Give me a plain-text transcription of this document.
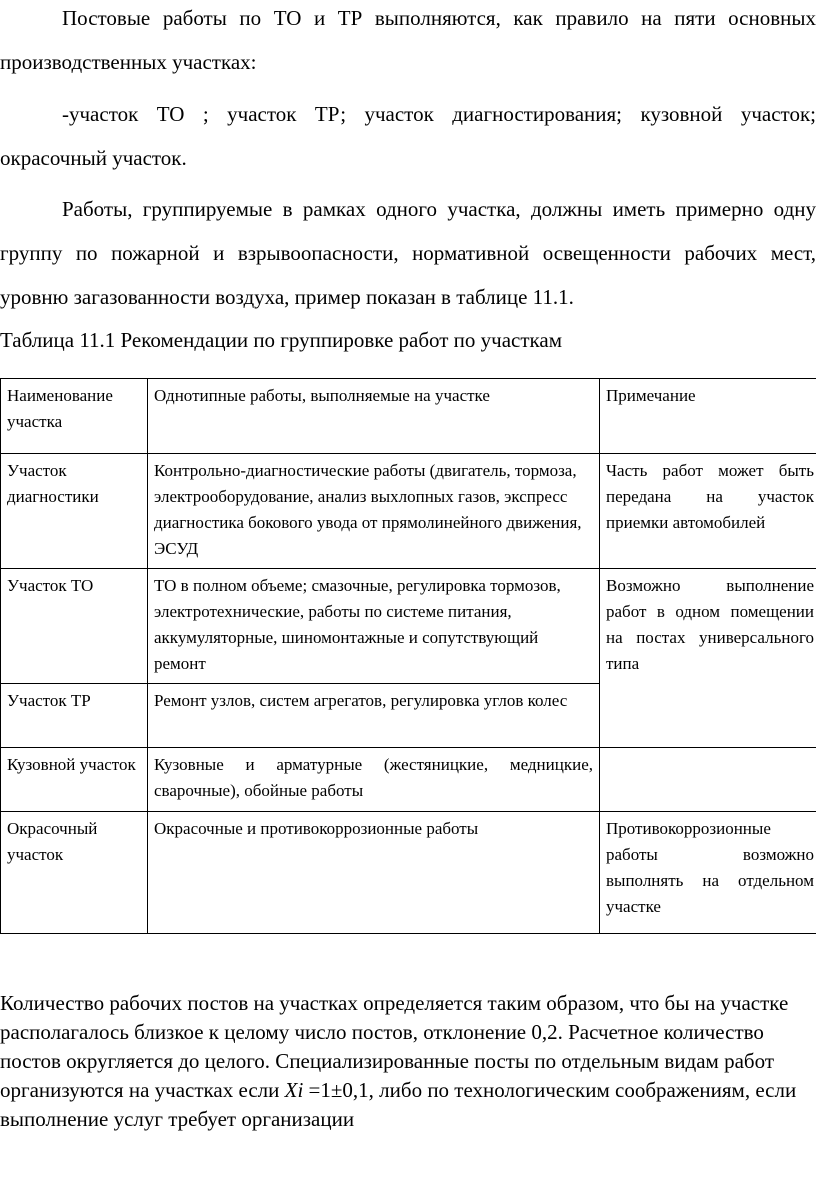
Постовые работы по ТО и ТР выполняются, как правило на пяти основных производственных участках:

-участок ТО ; участок ТР; участок диагностирования; кузовной участок; окрасочный участок.

Работы, группируемые в рамках одного участка, должны иметь примерно одну группу по пожарной и взрывоопасности, нормативной освещенности рабочих мест, уровню загазованности воздуха, пример показан в таблице 11.1.

Таблица 11.1 Рекомендации по группировке работ по участкам

Наименование участка	Однотипные работы, выполняемые на участке	Примечание
Участок диагностики	Контрольно-диагностические работы (двигатель, тормоза, электрооборудование, анализ выхлопных газов, экспресс диагностика бокового увода от прямолинейного движения, ЭСУД	Часть работ может быть передана на участок приемки автомобилей
Участок ТО	ТО в полном объеме; смазочные, регулировка тормозов, электротехнические, работы по системе питания, аккумуляторные, шиномонтажные и сопутствующий ремонт	Возможно выполнение работ в одном помещении на постах универсального типа
Участок ТР	Ремонт узлов, систем агрегатов, регулировка углов колес	
Кузовной участок	Кузовные и арматурные (жестяницкие, медницкие, сварочные), обойные работы	
Окрасочный участок	Окрасочные и противокоррозионные работы	Противокоррозионные работы возможно выполнять на отдельном участке

Количество рабочих постов на участках определяется таким образом, что бы на участке располагалось близкое к целому число постов, отклонение 0,2. Расчетное количество постов округляется до целого. Специализированные посты по отдельным видам работ организуются на участках если Xi =1±0,1, либо по технологическим соображениям, если выполнение услуг требует организации
